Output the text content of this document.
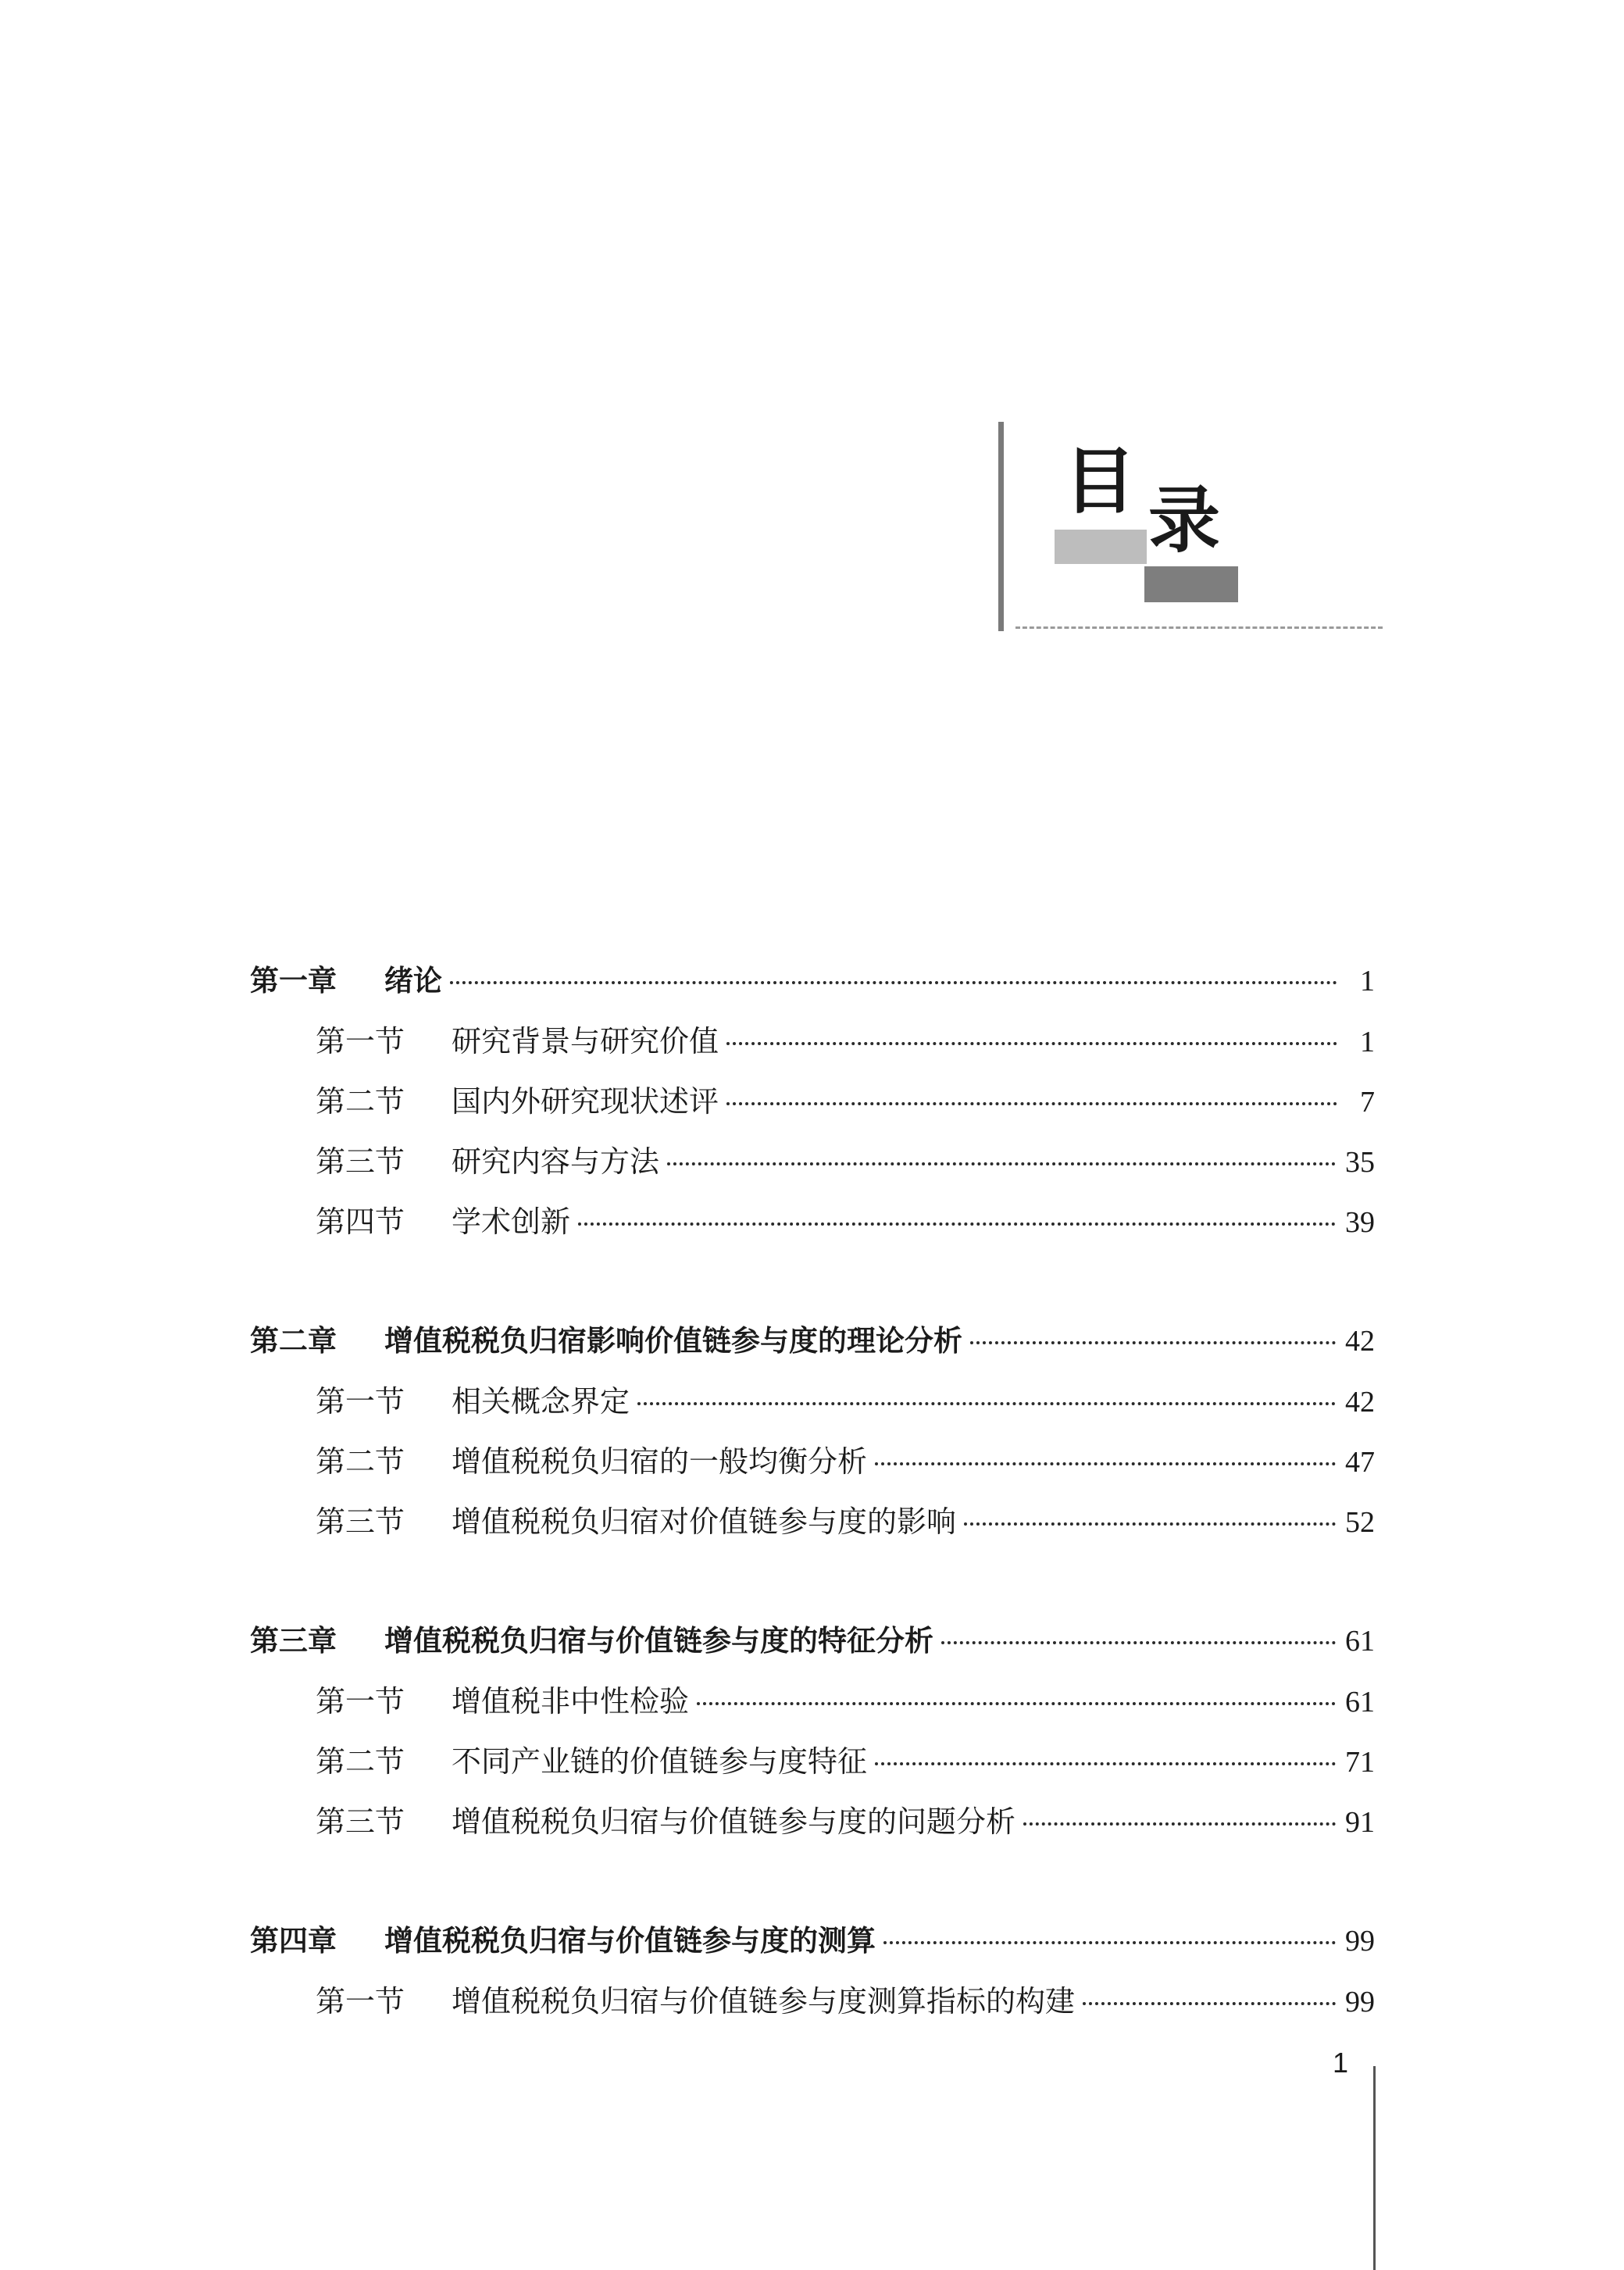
目 录
第一章	绪论	1
第一节	研究背景与研究价值	1
第二节	国内外研究现状述评	7
第三节	研究内容与方法	35
第四节	学术创新	39
第二章	增值税税负归宿影响价值链参与度的理论分析	42
第一节	相关概念界定	42
第二节	增值税税负归宿的一般均衡分析	47
第三节	增值税税负归宿对价值链参与度的影响	52
第三章	增值税税负归宿与价值链参与度的特征分析	61
第一节	增值税非中性检验	61
第二节	不同产业链的价值链参与度特征	71
第三节	增值税税负归宿与价值链参与度的问题分析	91
第四章	增值税税负归宿与价值链参与度的测算	99
第一节	增值税税负归宿与价值链参与度测算指标的构建	99
1
